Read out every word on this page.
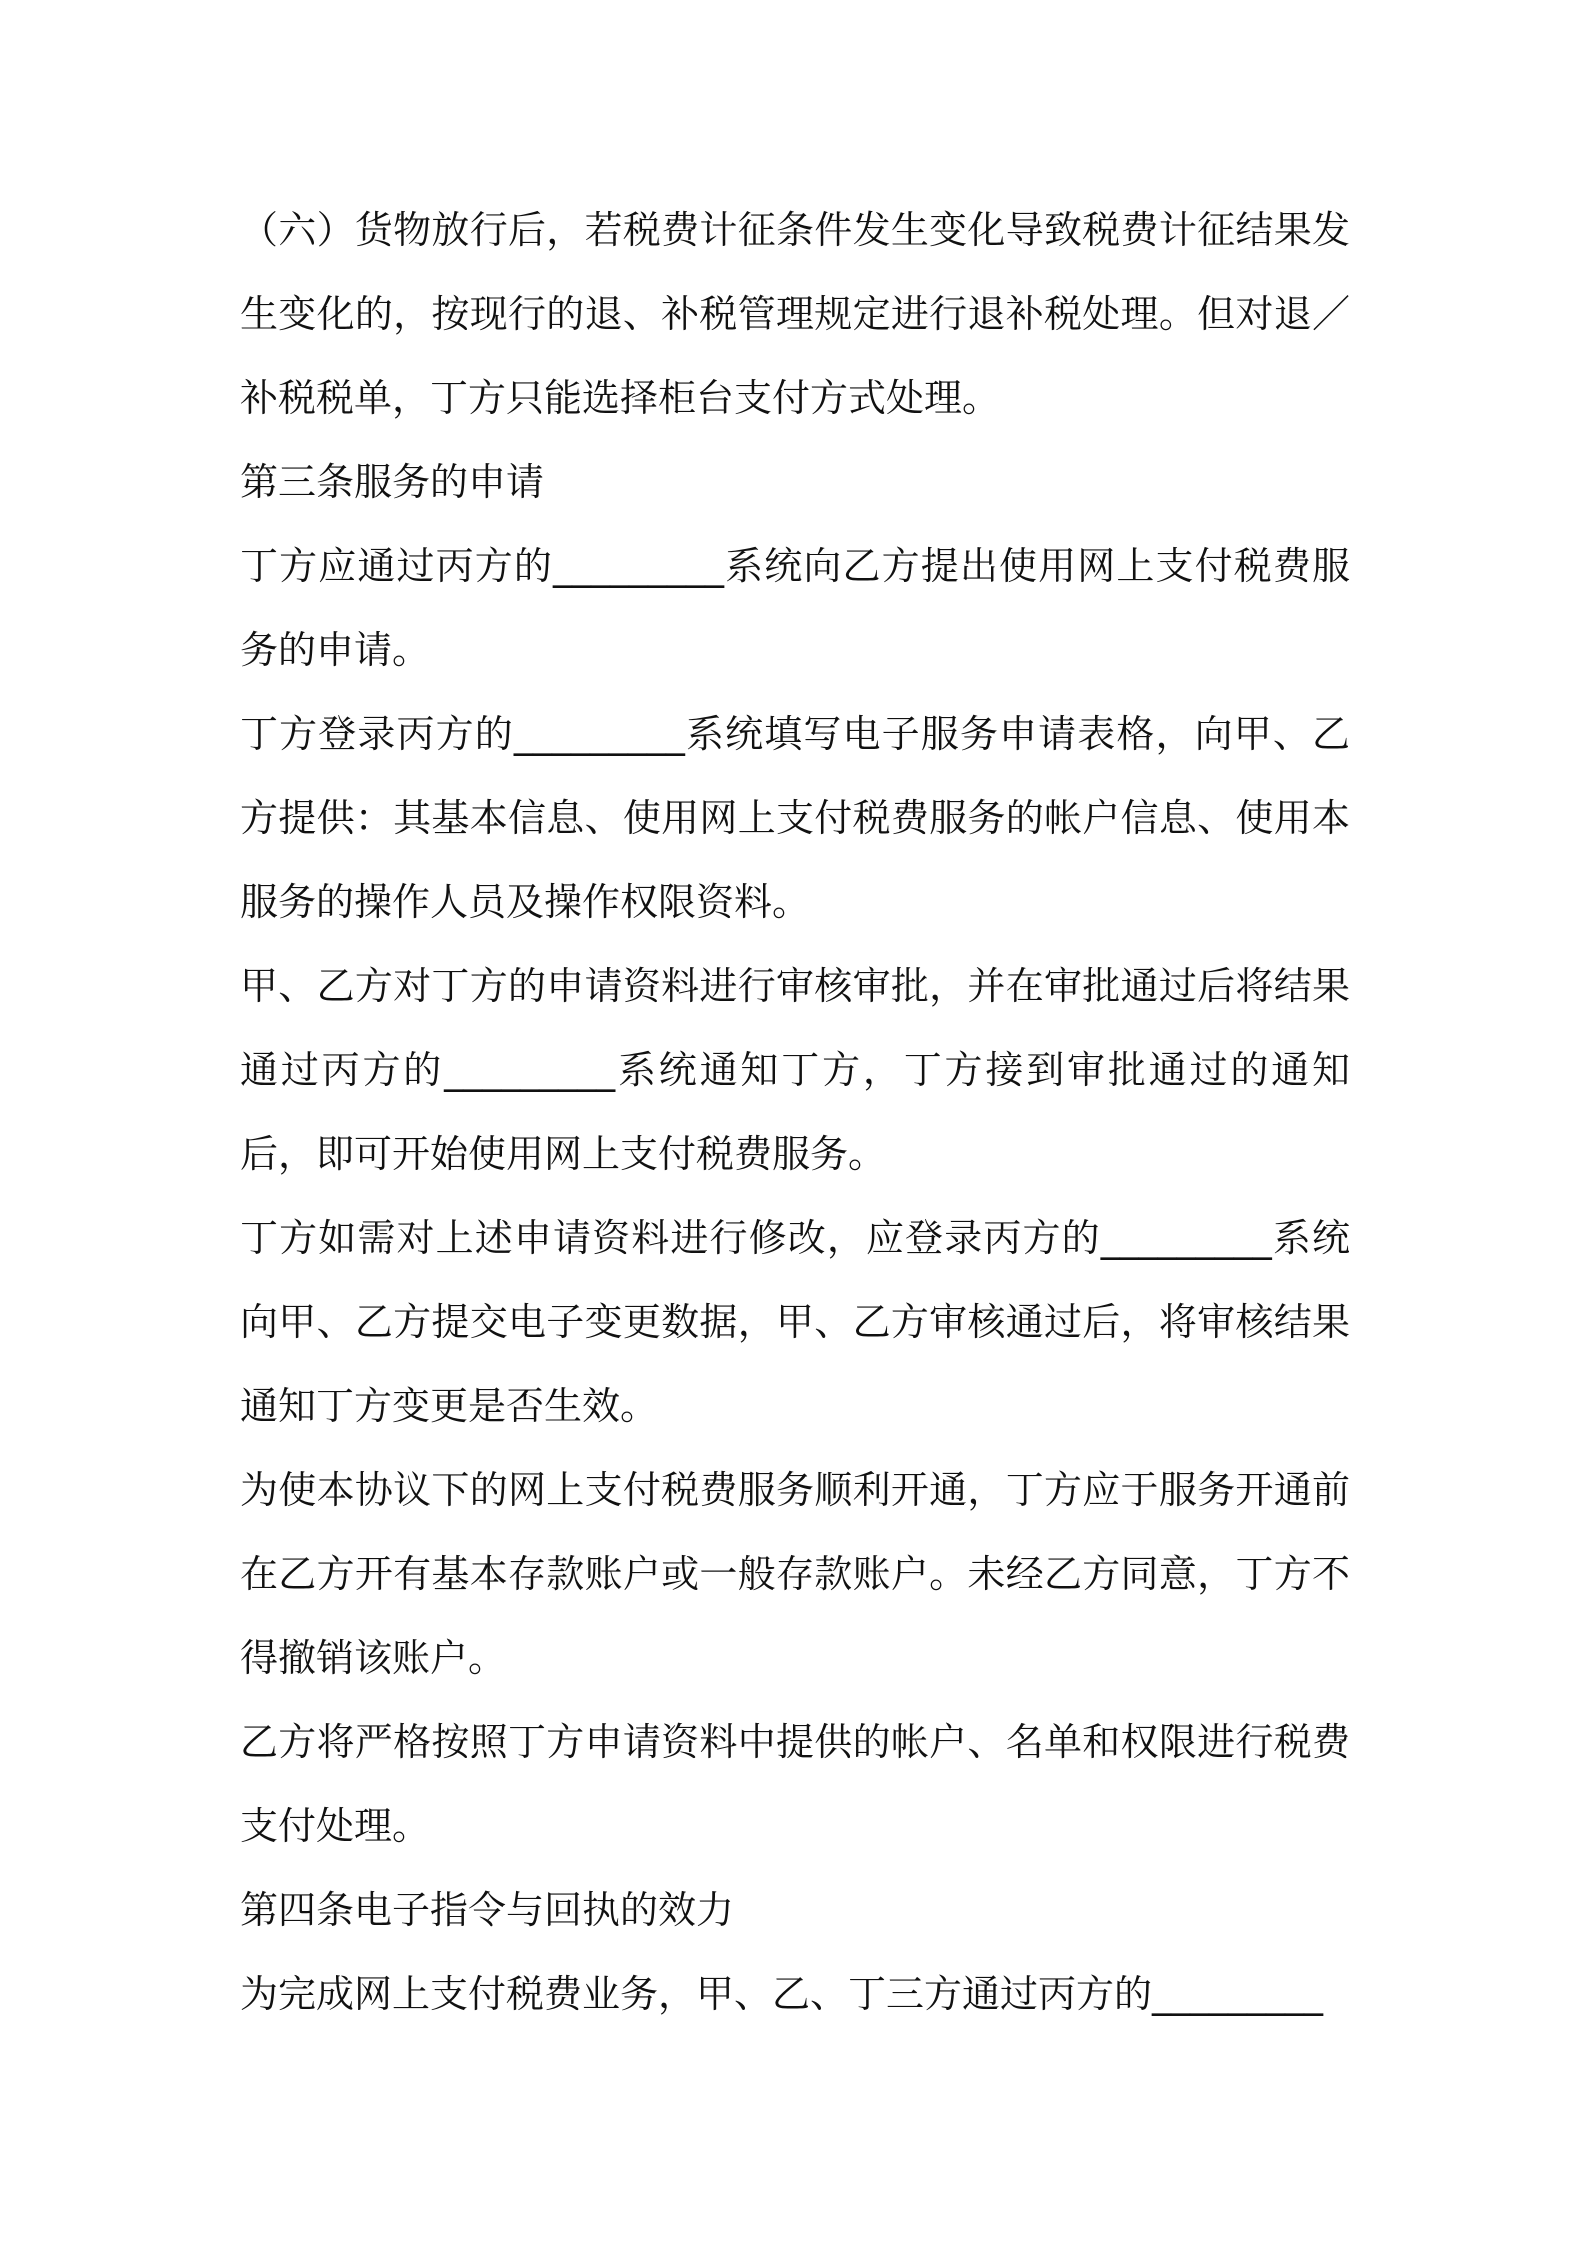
（六）货物放行后，若税费计征条件发生变化导致税费计征结果发生变化的，按现行的退、补税管理规定进行退补税处理。但对退／补税税单，丁方只能选择柜台支付方式处理。

第三条服务的申请

丁方应通过丙方的_________系统向乙方提出使用网上支付税费服务的申请。

丁方登录丙方的_________系统填写电子服务申请表格，向甲、乙方提供：其基本信息、使用网上支付税费服务的帐户信息、使用本服务的操作人员及操作权限资料。

甲、乙方对丁方的申请资料进行审核审批，并在审批通过后将结果通过丙方的_________系统通知丁方，丁方接到审批通过的通知后，即可开始使用网上支付税费服务。

丁方如需对上述申请资料进行修改，应登录丙方的_________系统向甲、乙方提交电子变更数据，甲、乙方审核通过后，将审核结果通知丁方变更是否生效。

为使本协议下的网上支付税费服务顺利开通，丁方应于服务开通前在乙方开有基本存款账户或一般存款账户。未经乙方同意，丁方不得撤销该账户。

乙方将严格按照丁方申请资料中提供的帐户、名单和权限进行税费支付处理。

第四条电子指令与回执的效力

为完成网上支付税费业务，甲、乙、丁三方通过丙方的_________
